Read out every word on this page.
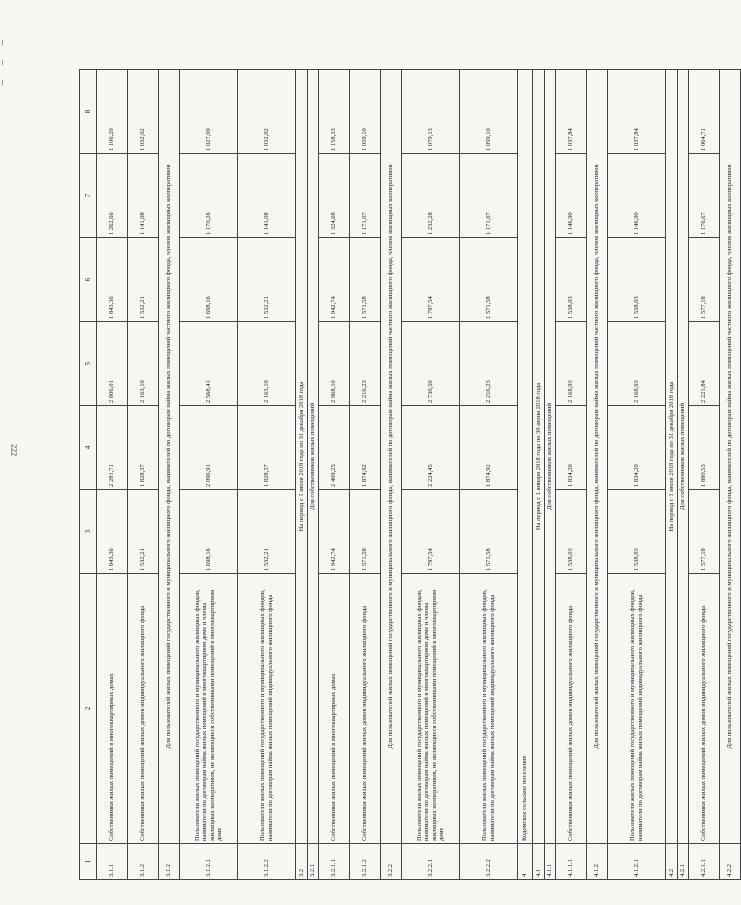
222
1	2	3	4	5	6	7	8
3.1.1	Собственники жилых помещений в многоквартирных домах	1 843,36	2 281,71	2 806,01	1 843,36	1 262,66	1 106,20
3.1.2	Собственники жилых помещений жилых домов индивидуального жилищного фонда	1 532,21	1 828,37	2 163,10	1 532,21	1 141,08	1 032,02
3.1.2	Для пользователей жилых помещений государственного и муниципального жилищного фонда, нанимателей по договорам найма жилых помещений частного жилищного фонда, членов жилищных кооперативов						
3.1.2.1	Пользователи жилых помещений государственного и муниципального жилищных фондов, наниматели по договорам найма жилых помещений в многоквартирном доме и члены жилищных кооперативов, не являющиеся собственниками помещений в многоквартирном доме	1 698,16	2 096,91	2 568,41	1 698,16	1 170,26	1 027,00
3.1.2.2	Пользователи жилых помещений государственного и муниципального жилищных фондов, наниматели по договорам найма жилых помещений индивидуального жилищного фонда	1 532,21	1 828,37	2 163,10	1 532,21	1 141,08	1 032,02
3.2	На период с 1 июля 2018 года по 31 декабря 2018 года						
3.2.1	Для собственников жилых помещений						
3.2.1.1	Собственники жилых помещений в многоквартирных домах	1 942,74	2 409,25	2 968,10	1 942,74	1 324,68	1 158,33
3.2.1.2	Собственники жилых помещений жилых домов индивидуального жилищного фонда	1 571,58	1 874,92	2 216,23	1 571,58	1 171,07	1 059,10
3.2.2	Для пользователей жилых помещений государственного и муниципального жилищного фонда, нанимателей по договорам найма жилых помещений частного жилищного фонда, членов жилищных кооперативов						
3.2.2.1	Пользователи жилых помещений государственного и муниципального жилищных фондов, наниматели по договорам найма жилых помещений в многоквартирном доме и члены жилищных кооперативов, не являющиеся собственниками помещений в многоквартирном доме	1 797,54	2 224,45	2 730,50	1 797,54	1 232,28	1 079,13
3.2.2.2	Пользователи жилых помещений государственного и муниципального жилищных фондов, наниматели по договорам найма жилых помещений индивидуального жилищного фонда	1 571,58	1 874,92	2 216,23	1 571,58	1 171,07	1 059,10
4	Кодомское сельское поселение						
4.1	На период с 1 января 2018 года по 30 июня 2018 года						
4.1.1	Для собственников жилых помещений						
4.1.1.1	Собственники жилых помещений жилых домов индивидуального жилищного фонда	1 538,03	1 834,20	2 168,93	1 538,03	1 146,90	1 037,84
4.1.2	Для пользователей жилых помещений государственного и муниципального жилищного фонда, нанимателей по договорам найма жилых помещений частного жилищного фонда, членов жилищных кооперативов						
4.1.2.1	Пользователи жилых помещений государственного и муниципального жилищных фондов, наниматели по договорам найма жилых помещений индивидуального жилищного фонда	1 538,03	1 834,20	2 168,93	1 538,03	1 146,90	1 037,84
4.2	На период с 1 июля 2018 года по 31 декабря 2018 года						
4.2.1	Для собственников жилых помещений						
4.2.1.1	Собственники жилых помещений жилых домов индивидуального жилищного фонда	1 577,18	1 880,53	2 221,84	1 577,18	1 176,67	1 064,71
4.2.2	Для пользователей жилых помещений государственного и муниципального жилищного фонда, нанимателей по договорам найма жилых помещений частного жилищного фонда, членов жилищных кооперативов						
